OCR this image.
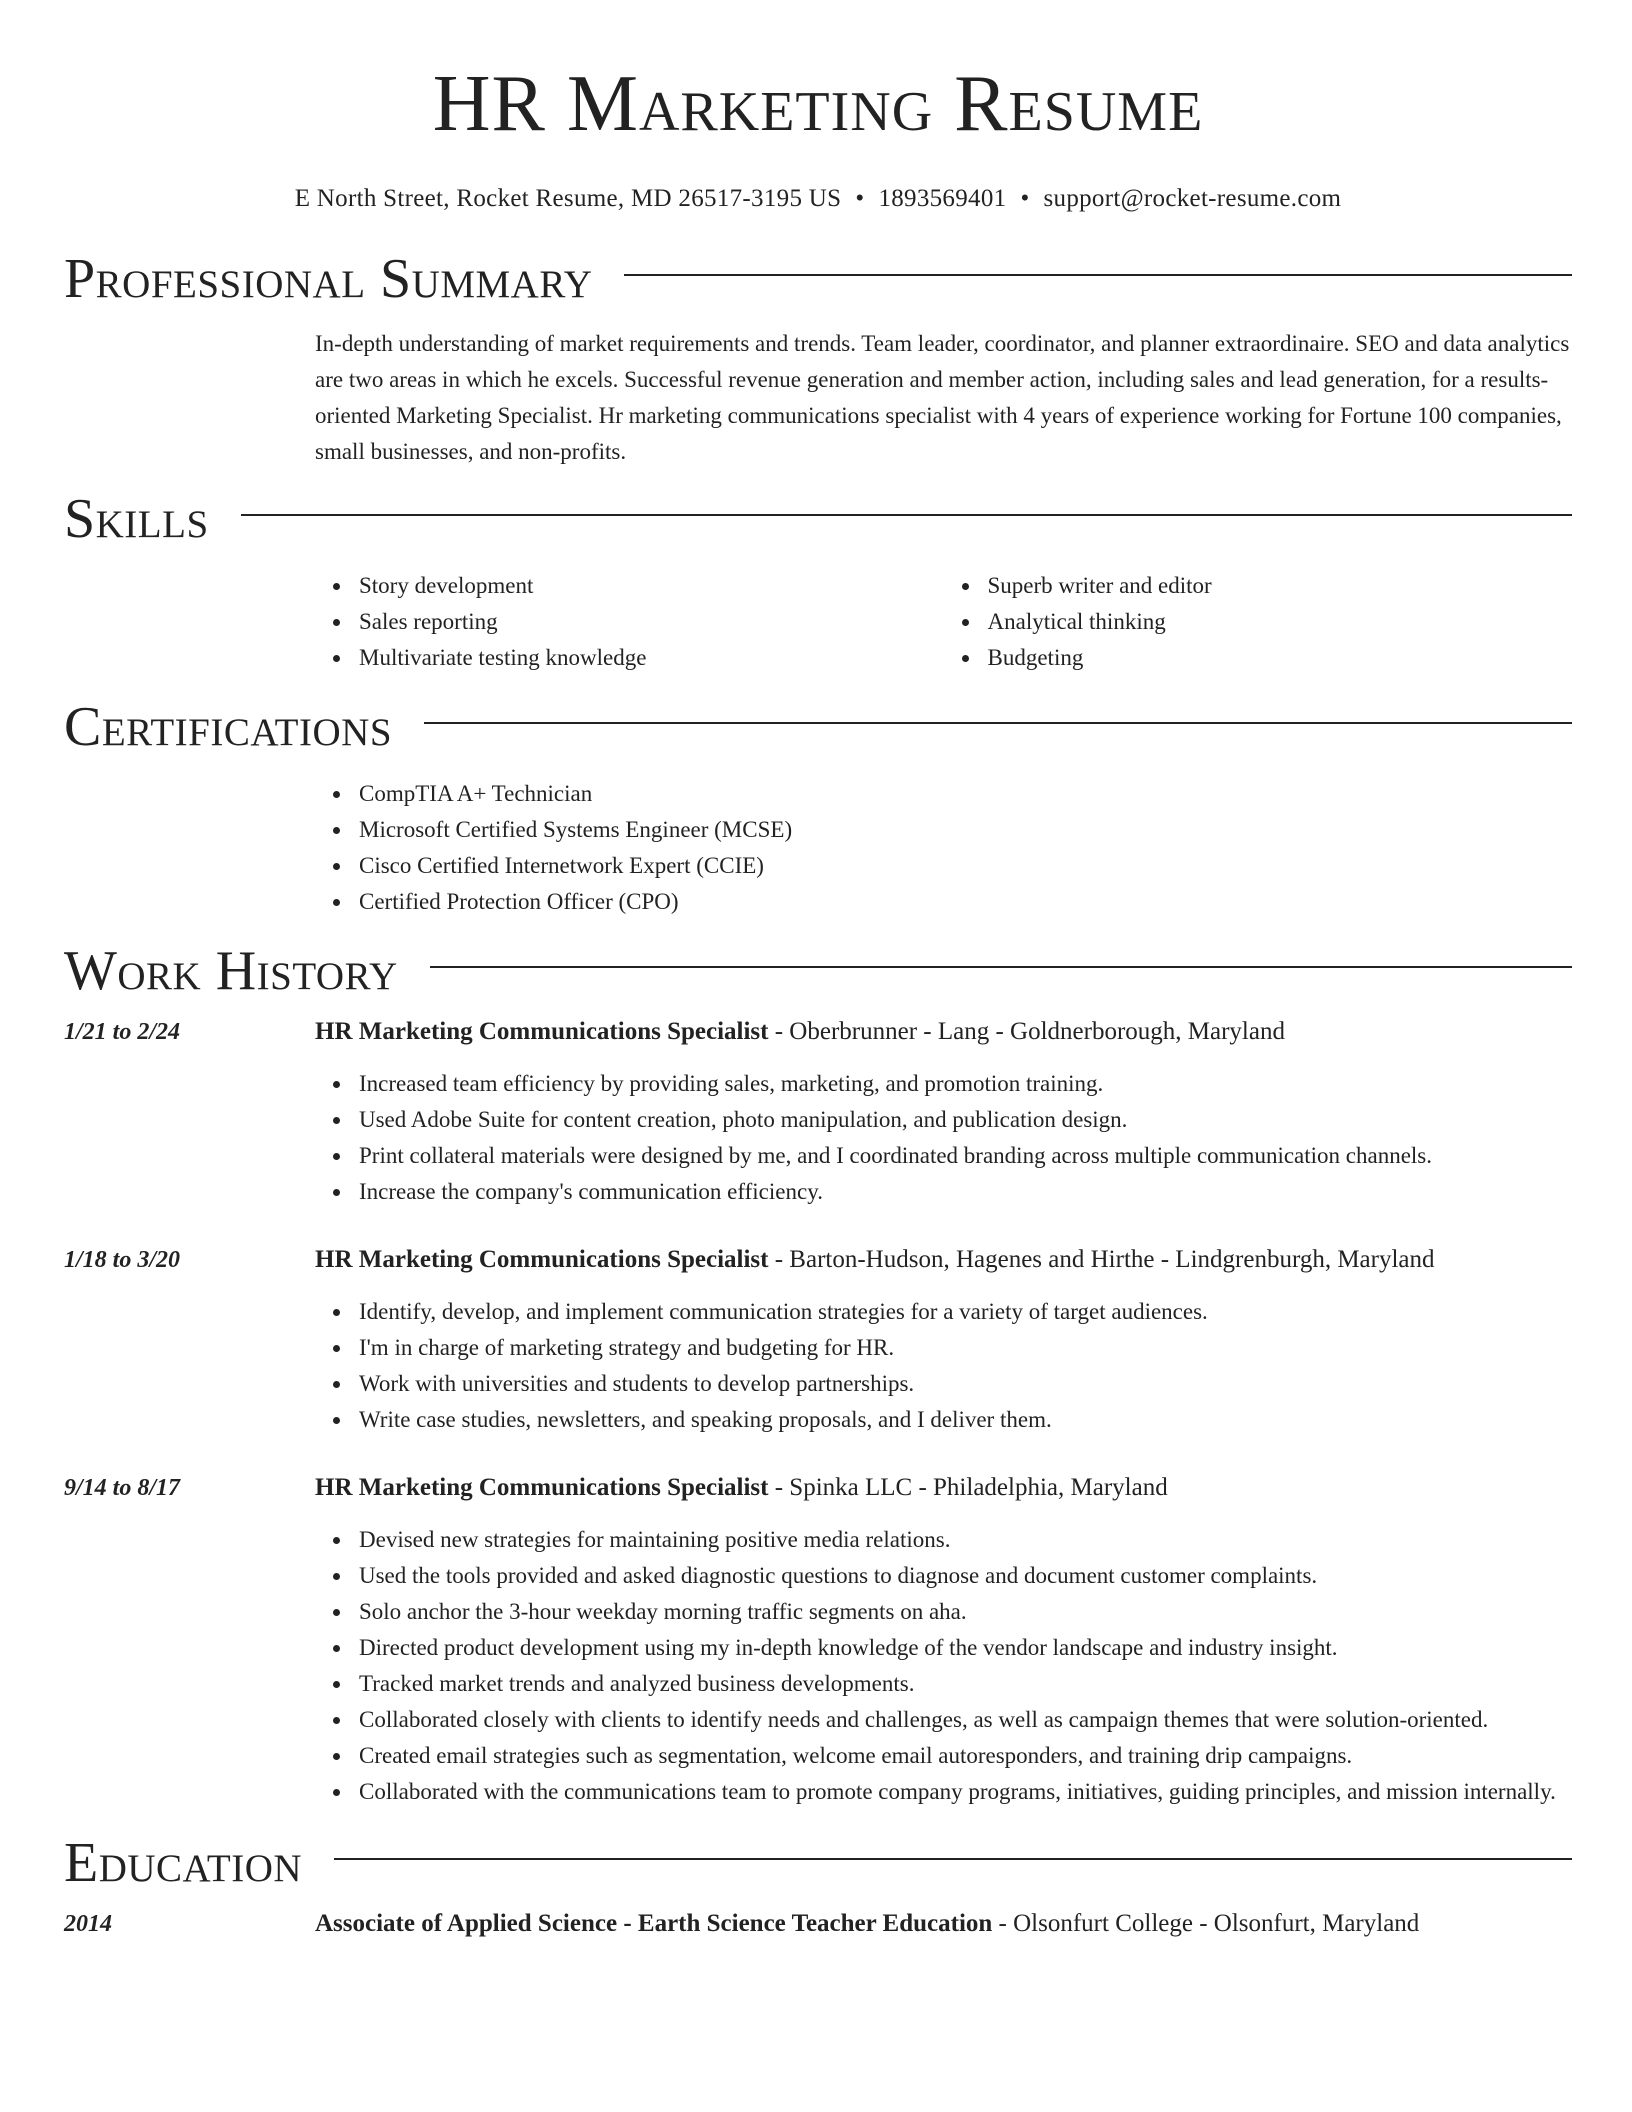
HR Marketing Resume
E North Street, Rocket Resume, MD 26517-3195 US • 1893569401 • support@rocket-resume.com
Professional Summary

In-depth understanding of market requirements and trends. Team leader, coordinator, and planner extraordinaire. SEO and data analytics are two areas in which he excels. Successful revenue generation and member action, including sales and lead generation, for a results-oriented Marketing Specialist. Hr marketing communications specialist with 4 years of experience working for Fortune 100 companies, small businesses, and non-profits.

Skills
Story development
Sales reporting
Multivariate testing knowledge
Superb writer and editor
Analytical thinking
Budgeting
Certifications
CompTIA A+ Technician
Microsoft Certified Systems Engineer (MCSE)
Cisco Certified Internetwork Expert (CCIE)
Certified Protection Officer (CPO)
Work History
1/21 to 2/24	HR Marketing Communications Specialist - Oberbrunner - Lang - Goldnerborough, Maryland
Increased team efficiency by providing sales, marketing, and promotion training.
Used Adobe Suite for content creation, photo manipulation, and publication design.
Print collateral materials were designed by me, and I coordinated branding across multiple communication channels.
Increase the company's communication efficiency.
1/18 to 3/20	HR Marketing Communications Specialist - Barton-Hudson, Hagenes and Hirthe - Lindgrenburgh, Maryland
Identify, develop, and implement communication strategies for a variety of target audiences.
I'm in charge of marketing strategy and budgeting for HR.
Work with universities and students to develop partnerships.
Write case studies, newsletters, and speaking proposals, and I deliver them.
9/14 to 8/17	HR Marketing Communications Specialist - Spinka LLC - Philadelphia, Maryland
Devised new strategies for maintaining positive media relations.
Used the tools provided and asked diagnostic questions to diagnose and document customer complaints.
Solo anchor the 3-hour weekday morning traffic segments on aha.
Directed product development using my in-depth knowledge of the vendor landscape and industry insight.
Tracked market trends and analyzed business developments.
Collaborated closely with clients to identify needs and challenges, as well as campaign themes that were solution-oriented.
Created email strategies such as segmentation, welcome email autoresponders, and training drip campaigns.
Collaborated with the communications team to promote company programs, initiatives, guiding principles, and mission internally.
Education
2014	Associate of Applied Science - Earth Science Teacher Education - Olsonfurt College - Olsonfurt, Maryland
